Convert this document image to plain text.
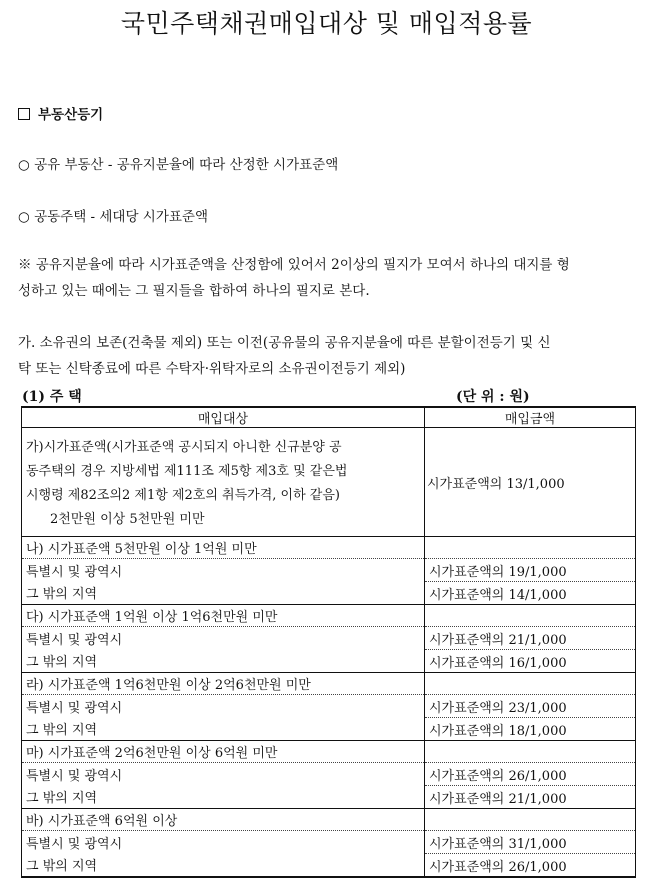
국민주택채권매입대상 및 매입적용률
부동산등기
○ 공유 부동산 - 공유지분율에 따라 산정한 시가표준액
○ 공동주택 - 세대당 시가표준액
※ 공유지분율에 따라 시가표준액을 산정함에 있어서 2이상의 필지가 모여서 하나의 대지를 형
성하고 있는 때에는 그 필지들을 합하여 하나의 필지로 본다.
가. 소유권의 보존(건축물 제외) 또는 이전(공유물의 공유지분율에 따른 분할이전등기 및 신
탁 또는 신탁종료에 따른 수탁자·위탁자로의 소유권이전등기 제외)
(1) 주 택	(단 위 : 원)
매입대상	매입금액

가)시가표준액(시가표준액 공시되지 아니한 신규분양 공
동주택의 경우 지방세법 제111조 제5항 제3호 및 같은법
시행령 제82조의2 제1항 제2호의 취득가격, 이하 같음)
2천만원 이상 5천만원 미만	시가표준액의 13/1,000
나) 시가표준액 5천만원 이상 1억원 미만	
특별시 및 광역시	시가표준액의 19/1,000
그 밖의 지역	시가표준액의 14/1,000
다) 시가표준액 1억원 이상 1억6천만원 미만	
특별시 및 광역시	시가표준액의 21/1,000
그 밖의 지역	시가표준액의 16/1,000
라) 시가표준액 1억6천만원 이상 2억6천만원 미만	
특별시 및 광역시	시가표준액의 23/1,000
그 밖의 지역	시가표준액의 18/1,000
마) 시가표준액 2억6천만원 이상 6억원 미만	
특별시 및 광역시	시가표준액의 26/1,000
그 밖의 지역	시가표준액의 21/1,000
바) 시가표준액 6억원 이상	
특별시 및 광역시	시가표준액의 31/1,000
그 밖의 지역	시가표준액의 26/1,000
